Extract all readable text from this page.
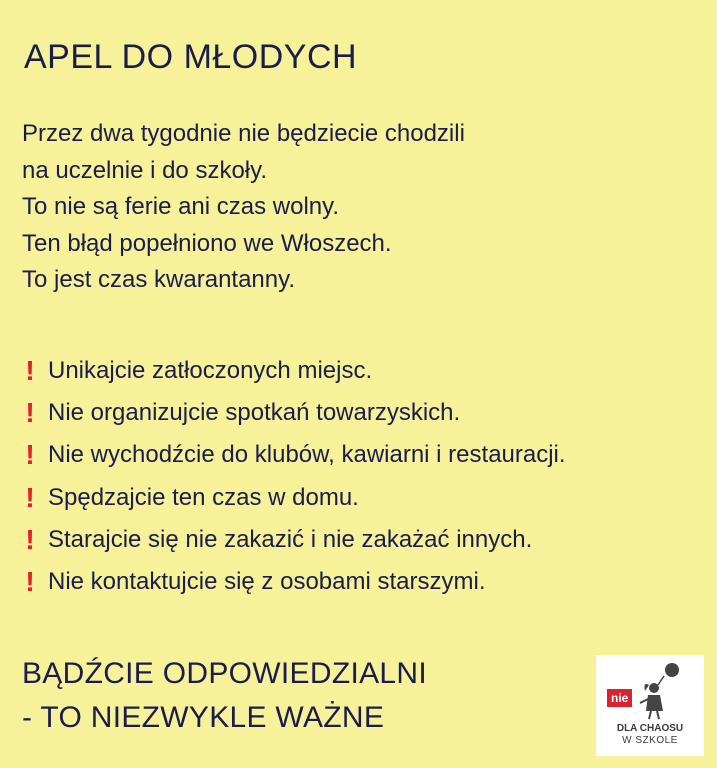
APEL DO MŁODYCH
Przez dwa tygodnie nie będziecie chodzili
na uczelnie i do szkoły.
To nie są ferie ani czas wolny.
Ten błąd popełniono we Włoszech.
To jest czas kwarantanny.
! Unikajcie zatłoczonych miejsc.
! Nie organizujcie spotkań towarzyskich.
! Nie wychodźcie do klubów, kawiarni i restauracji.
! Spędzajcie ten czas w domu.
! Starajcie się nie zakazić i nie zakażać innych.
! Nie kontaktujcie się z osobami starszymi.
BĄDŹCIE ODPOWIEDZIALNI
- TO NIEZWYKLE WAŻNE
nie
DLA CHAOSU
W SZKOLE
